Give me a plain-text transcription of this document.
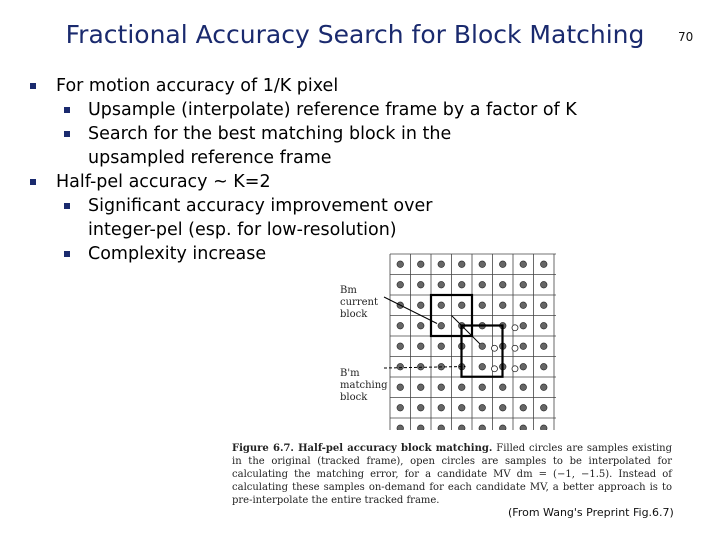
Fractional Accuracy Search for Block Matching	70
For motion accuracy of 1/K pixel
Upsample (interpolate) reference frame by a factor of K
Search for the best matching block in the upsampled reference frame
Half-pel accuracy ~ K=2
Significant accuracy improvement over integer-pel (esp. for low-resolution)
Complexity increase
Bm
current
block
B'm
matching
block
Figure 6.7. Half-pel accuracy block matching. Filled circles are samples existing in the original (tracked frame), open circles are samples to be interpolated for calculating the matching error, for a candidate MV dm = (−1, −1.5). Instead of calculating these samples on-demand for each candidate MV, a better approach is to pre-interpolate the entire tracked frame.
(From Wang's Preprint Fig.6.7)
